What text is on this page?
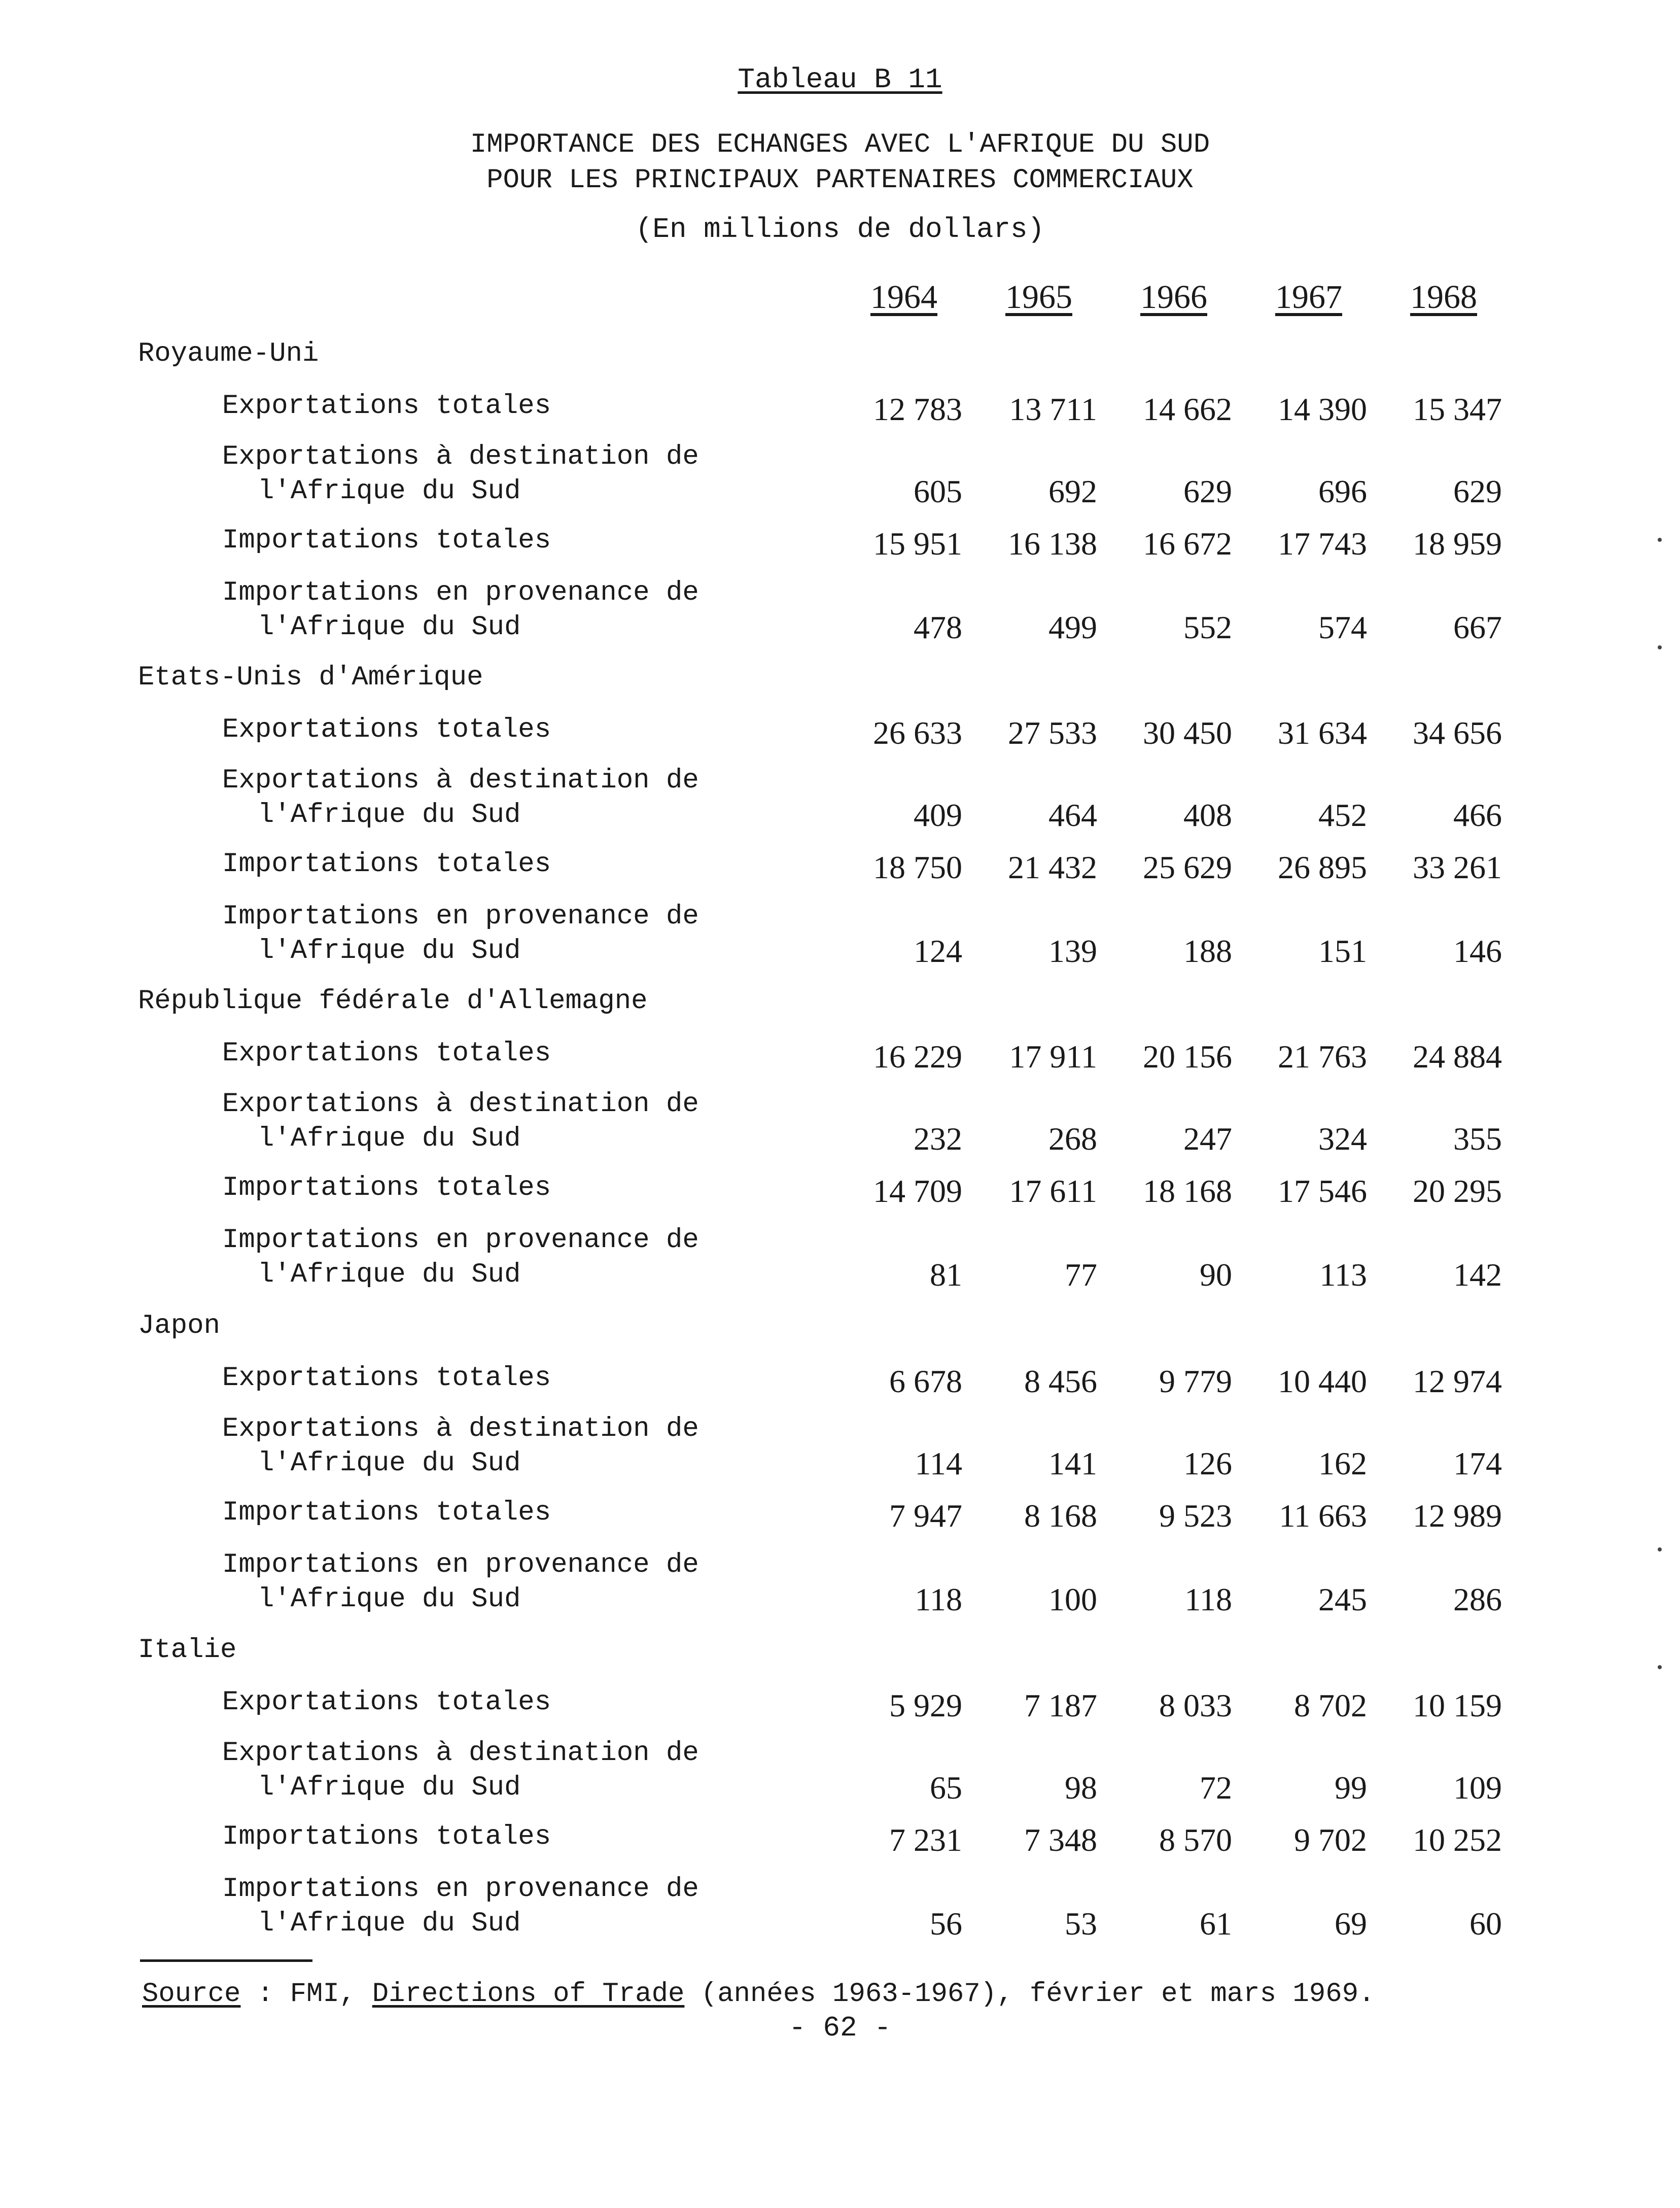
Tableau B 11
IMPORTANCE DES ECHANGES AVEC L'AFRIQUE DU SUD
POUR LES PRINCIPAUX PARTENAIRES COMMERCIAUX
(En millions de dollars)
1964	1965	1966	1967	1968
Royaume-Uni
Exportations totales	12 783	13 711	14 662	14 390	15 347
Exportations à destination de
l'Afrique du Sud	605	692	629	696	629
Importations totales	15 951	16 138	16 672	17 743	18 959
Importations en provenance de
l'Afrique du Sud	478	499	552	574	667
Etats-Unis d'Amérique
Exportations totales	26 633	27 533	30 450	31 634	34 656
Exportations à destination de
l'Afrique du Sud	409	464	408	452	466
Importations totales	18 750	21 432	25 629	26 895	33 261
Importations en provenance de
l'Afrique du Sud	124	139	188	151	146
République fédérale d'Allemagne
Exportations totales	16 229	17 911	20 156	21 763	24 884
Exportations à destination de
l'Afrique du Sud	232	268	247	324	355
Importations totales	14 709	17 611	18 168	17 546	20 295
Importations en provenance de
l'Afrique du Sud	81	77	90	113	142
Japon
Exportations totales	6 678	8 456	9 779	10 440	12 974
Exportations à destination de
l'Afrique du Sud	114	141	126	162	174
Importations totales	7 947	8 168	9 523	11 663	12 989
Importations en provenance de
l'Afrique du Sud	118	100	118	245	286
Italie
Exportations totales	5 929	7 187	8 033	8 702	10 159
Exportations à destination de
l'Afrique du Sud	65	98	72	99	109
Importations totales	7 231	7 348	8 570	9 702	10 252
Importations en provenance de
l'Afrique du Sud	56	53	61	69	60
Source : FMI, Directions of Trade (années 1963-1967), février et mars 1969.
- 62 -
